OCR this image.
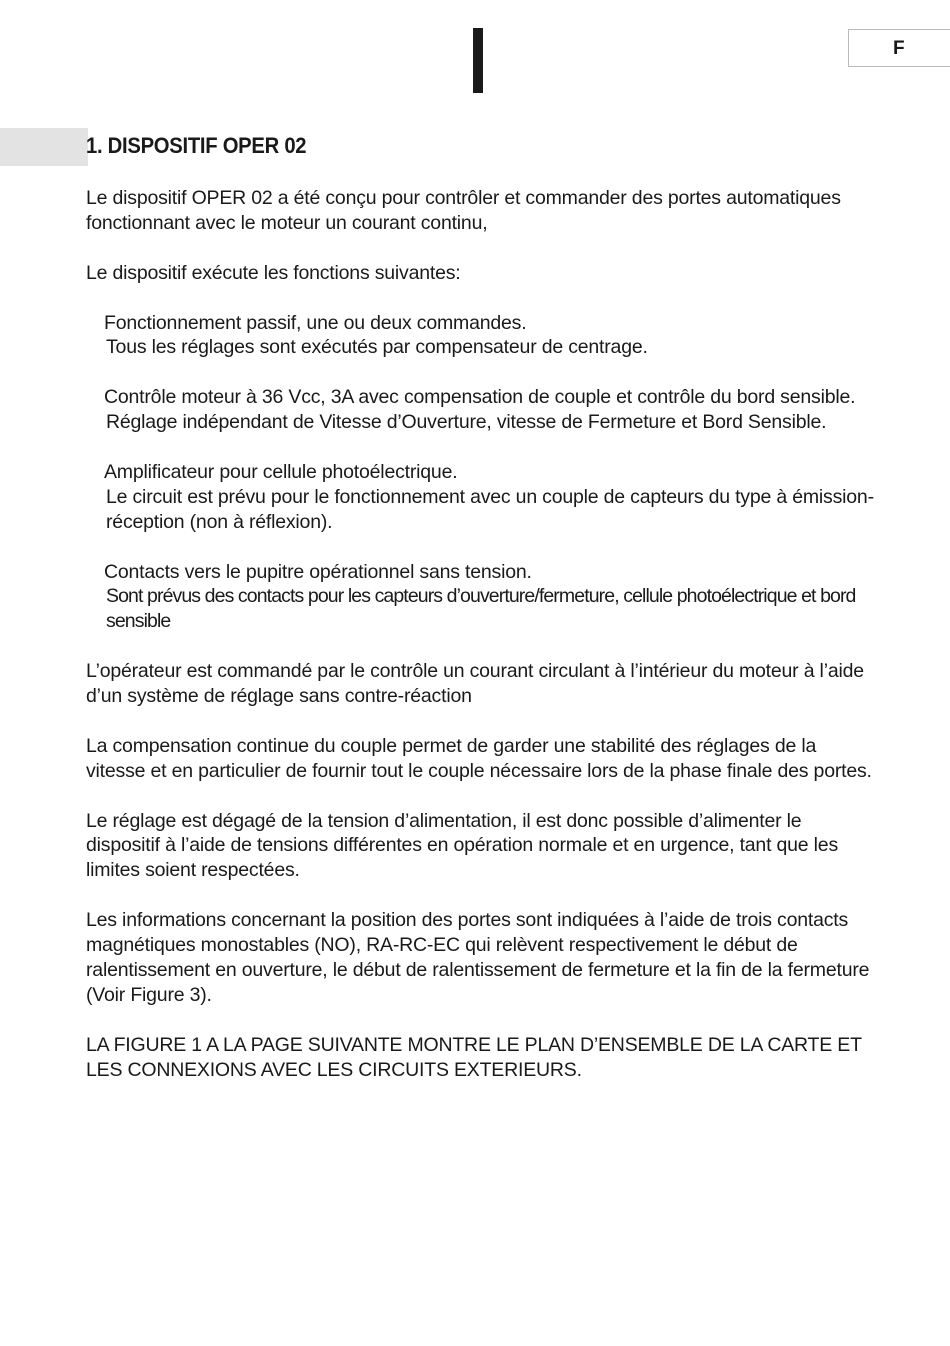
F
1. DISPOSITIF OPER 02

Le dispositif OPER 02 a été conçu pour contrôler et commander des portes automatiques fonctionnant avec le moteur un courant continu,

Le dispositif exécute les fonctions suivantes:

Fonctionnement passif, une ou deux commandes.
Tous les réglages sont exécutés par compensateur de centrage.
Contrôle moteur à 36 Vcc, 3A avec compensation de couple et contrôle du bord sensible.
Réglage indépendant de Vitesse d’Ouverture, vitesse de Fermeture et Bord Sensible.
Amplificateur pour cellule photoélectrique.
Le circuit est prévu pour le fonctionnement avec un couple de capteurs du type à émission-réception (non à réflexion).
Contacts vers le pupitre opérationnel sans tension.
Sont prévus des contacts pour les capteurs d’ouverture/fermeture, cellule photoélectrique et bord sensible

L’opérateur est commandé par le contrôle un courant circulant à l’intérieur du moteur à l’aide d’un système de réglage sans contre-réaction

La compensation continue du couple permet de garder une stabilité des réglages de la vitesse et en particulier de fournir tout le couple nécessaire lors de la phase finale des portes.

Le réglage est dégagé de la tension d’alimentation, il est donc possible d’alimenter le dispositif à l’aide de tensions différentes en opération normale et en urgence, tant que les limites soient respectées.

Les informations concernant la position des portes sont indiquées à l’aide de trois contacts magnétiques monostables (NO), RA-RC-EC qui relèvent respectivement le début de ralentissement en ouverture, le début de ralentissement de fermeture et la fin de la fermeture (Voir Figure 3).

LA FIGURE 1 A LA PAGE SUIVANTE MONTRE LE PLAN D’ENSEMBLE DE LA CARTE ET LES CONNEXIONS AVEC LES CIRCUITS EXTERIEURS.
